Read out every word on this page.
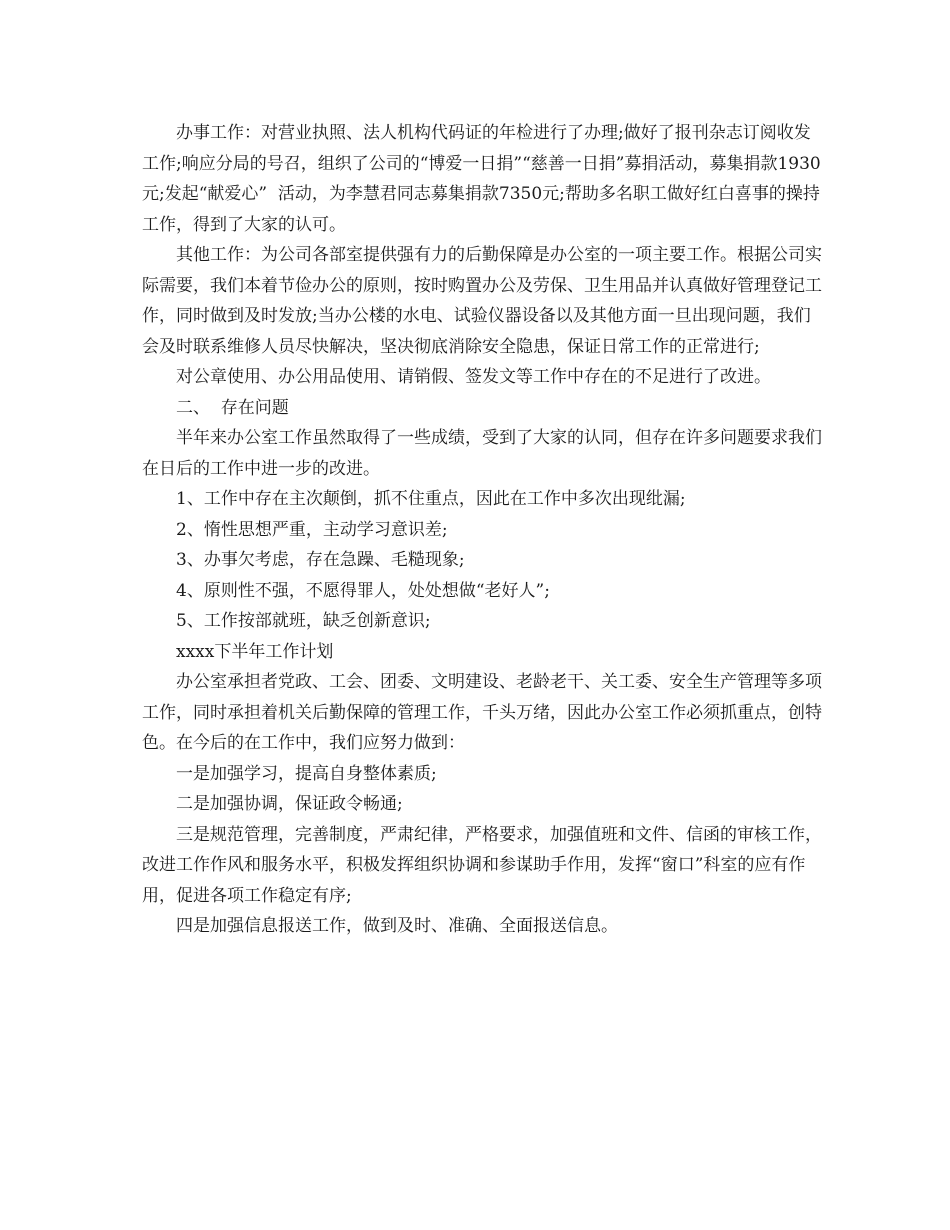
办事工作：对营业执照、法人机构代码证的年检进行了办理;做好了报刊杂志订阅收发工作;响应分局的号召，组织了公司的“博爱一日捐”“慈善一日捐”募捐活动，募集捐款1930元;发起“献爱心”  活动，为李慧君同志募集捐款7350元;帮助多名职工做好红白喜事的操持工作，得到了大家的认可。

其他工作：为公司各部室提供强有力的后勤保障是办公室的一项主要工作。根据公司实际需要，我们本着节俭办公的原则，按时购置办公及劳保、卫生用品并认真做好管理登记工作，同时做到及时发放;当办公楼的水电、试验仪器设备以及其他方面一旦出现问题，我们会及时联系维修人员尽快解决，坚决彻底消除安全隐患，保证日常工作的正常进行;

对公章使用、办公用品使用、请销假、签发文等工作中存在的不足进行了改进。

二、  存在问题

半年来办公室工作虽然取得了一些成绩，受到了大家的认同，但存在许多问题要求我们在日后的工作中进一步的改进。

1、工作中存在主次颠倒，抓不住重点，因此在工作中多次出现纰漏;

2、惰性思想严重，主动学习意识差;

3、办事欠考虑，存在急躁、毛糙现象;

4、原则性不强，不愿得罪人，处处想做“老好人”;

5、工作按部就班，缺乏创新意识;

xxxx下半年工作计划

办公室承担者党政、工会、团委、文明建设、老龄老干、关工委、安全生产管理等多项工作，同时承担着机关后勤保障的管理工作，千头万绪，因此办公室工作必须抓重点，创特色。在今后的在工作中，我们应努力做到：

一是加强学习，提高自身整体素质;

二是加强协调，保证政令畅通;

三是规范管理，完善制度，严肃纪律，严格要求，加强值班和文件、信函的审核工作，改进工作作风和服务水平，积极发挥组织协调和参谋助手作用，发挥“窗口”科室的应有作用，促进各项工作稳定有序;

四是加强信息报送工作，做到及时、准确、全面报送信息。
